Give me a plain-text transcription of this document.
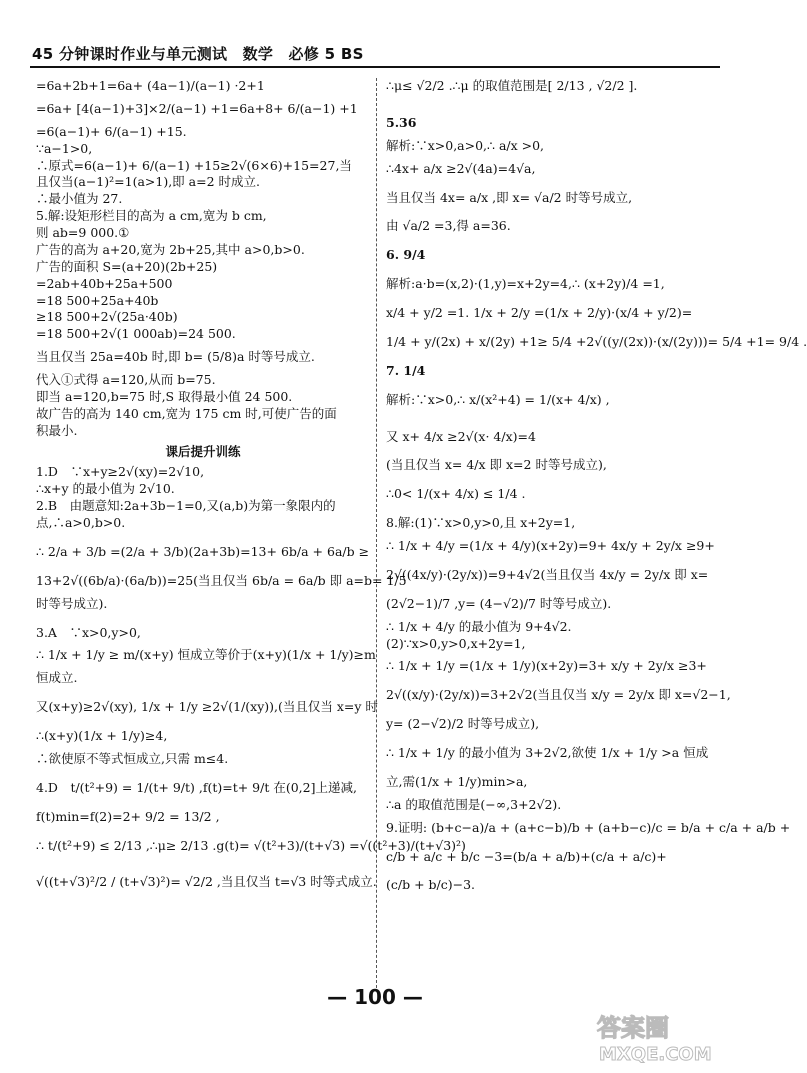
45 分钟课时作业与单元测试　数学　必修 5 BS

=6a+2b+1=6a+ (4a−1)/(a−1) ·2+1

=6a+ [4(a−1)+3]×2/(a−1) +1=6a+8+ 6/(a−1) +1

=6(a−1)+ 6/(a−1) +15.

∵a−1>0,

∴原式=6(a−1)+ 6/(a−1) +15≥2√(6×6)+15=27,当

且仅当(a−1)²=1(a>1),即 a=2 时成立.

∴最小值为 27.

5.解:设矩形栏目的高为 a cm,宽为 b cm,

则 ab=9 000.①

广告的高为 a+20,宽为 2b+25,其中 a>0,b>0.

广告的面积 S=(a+20)(2b+25)

=2ab+40b+25a+500

=18 500+25a+40b

≥18 500+2√(25a·40b)

=18 500+2√(1 000ab)=24 500.

当且仅当 25a=40b 时,即 b= (5/8)a 时等号成立.

代入①式得 a=120,从而 b=75.

即当 a=120,b=75 时,S 取得最小值 24 500.

故广告的高为 140 cm,宽为 175 cm 时,可使广告的面

积最小.

课后提升训练

1.D　∵x+y≥2√(xy)=2√10,

∴x+y 的最小值为 2√10.

2.B　由题意知:2a+3b−1=0,又(a,b)为第一象限内的

点,∴a>0,b>0.

∴ 2/a + 3/b =(2/a + 3/b)(2a+3b)=13+ 6b/a + 6a/b ≥

13+2√((6b/a)·(6a/b))=25(当且仅当 6b/a = 6a/b 即 a=b= 1/5

时等号成立).

3.A　∵x>0,y>0,

∴ 1/x + 1/y ≥ m/(x+y) 恒成立等价于(x+y)(1/x + 1/y)≥m

恒成立.

又(x+y)≥2√(xy), 1/x + 1/y ≥2√(1/(xy)),(当且仅当 x=y 时

∴(x+y)(1/x + 1/y)≥4,

∴欲使原不等式恒成立,只需 m≤4.

4.D　t/(t²+9) = 1/(t+ 9/t) ,f(t)=t+ 9/t 在(0,2]上递减,

f(t)min=f(2)=2+ 9/2 = 13/2 ,

∴ t/(t²+9) ≤ 2/13 ,∴μ≥ 2/13 .g(t)= √(t²+3)/(t+√3) =√((t²+3)/(t+√3)²)

√((t+√3)²/2 / (t+√3)²)= √2/2 ,当且仅当 t=√3 时等式成立.

∴μ≤ √2/2 .∴μ 的取值范围是[ 2/13 , √2/2 ].

5.36

解析:∵x>0,a>0,∴ a/x >0,

∴4x+ a/x ≥2√(4a)=4√a,

当且仅当 4x= a/x ,即 x= √a/2 时等号成立,

由 √a/2 =3,得 a=36.

6. 9/4

解析:a·b=(x,2)·(1,y)=x+2y=4,∴ (x+2y)/4 =1,

x/4 + y/2 =1. 1/x + 2/y =(1/x + 2/y)·(x/4 + y/2)=

1/4 + y/(2x) + x/(2y) +1≥ 5/4 +2√((y/(2x))·(x/(2y)))= 5/4 +1= 9/4 .

7. 1/4

解析:∵x>0,∴ x/(x²+4) = 1/(x+ 4/x) ,

又 x+ 4/x ≥2√(x· 4/x)=4

(当且仅当 x= 4/x 即 x=2 时等号成立),

∴0< 1/(x+ 4/x) ≤ 1/4 .

8.解:(1)∵x>0,y>0,且 x+2y=1,

∴ 1/x + 4/y =(1/x + 4/y)(x+2y)=9+ 4x/y + 2y/x ≥9+

2√((4x/y)·(2y/x))=9+4√2(当且仅当 4x/y = 2y/x 即 x=

(2√2−1)/7 ,y= (4−√2)/7 时等号成立).

∴ 1/x + 4/y 的最小值为 9+4√2.

(2)∵x>0,y>0,x+2y=1,

∴ 1/x + 1/y =(1/x + 1/y)(x+2y)=3+ x/y + 2y/x ≥3+

2√((x/y)·(2y/x))=3+2√2(当且仅当 x/y = 2y/x 即 x=√2−1,

y= (2−√2)/2 时等号成立),

∴ 1/x + 1/y 的最小值为 3+2√2,欲使 1/x + 1/y >a 恒成

立,需(1/x + 1/y)min>a,

∴a 的取值范围是(−∞,3+2√2).

9.证明: (b+c−a)/a + (a+c−b)/b + (a+b−c)/c = b/a + c/a + a/b +

c/b + a/c + b/c −3=(b/a + a/b)+(c/a + a/c)+

(c/b + b/c)−3.

— 100 —
答案圈
MXQE.COM
